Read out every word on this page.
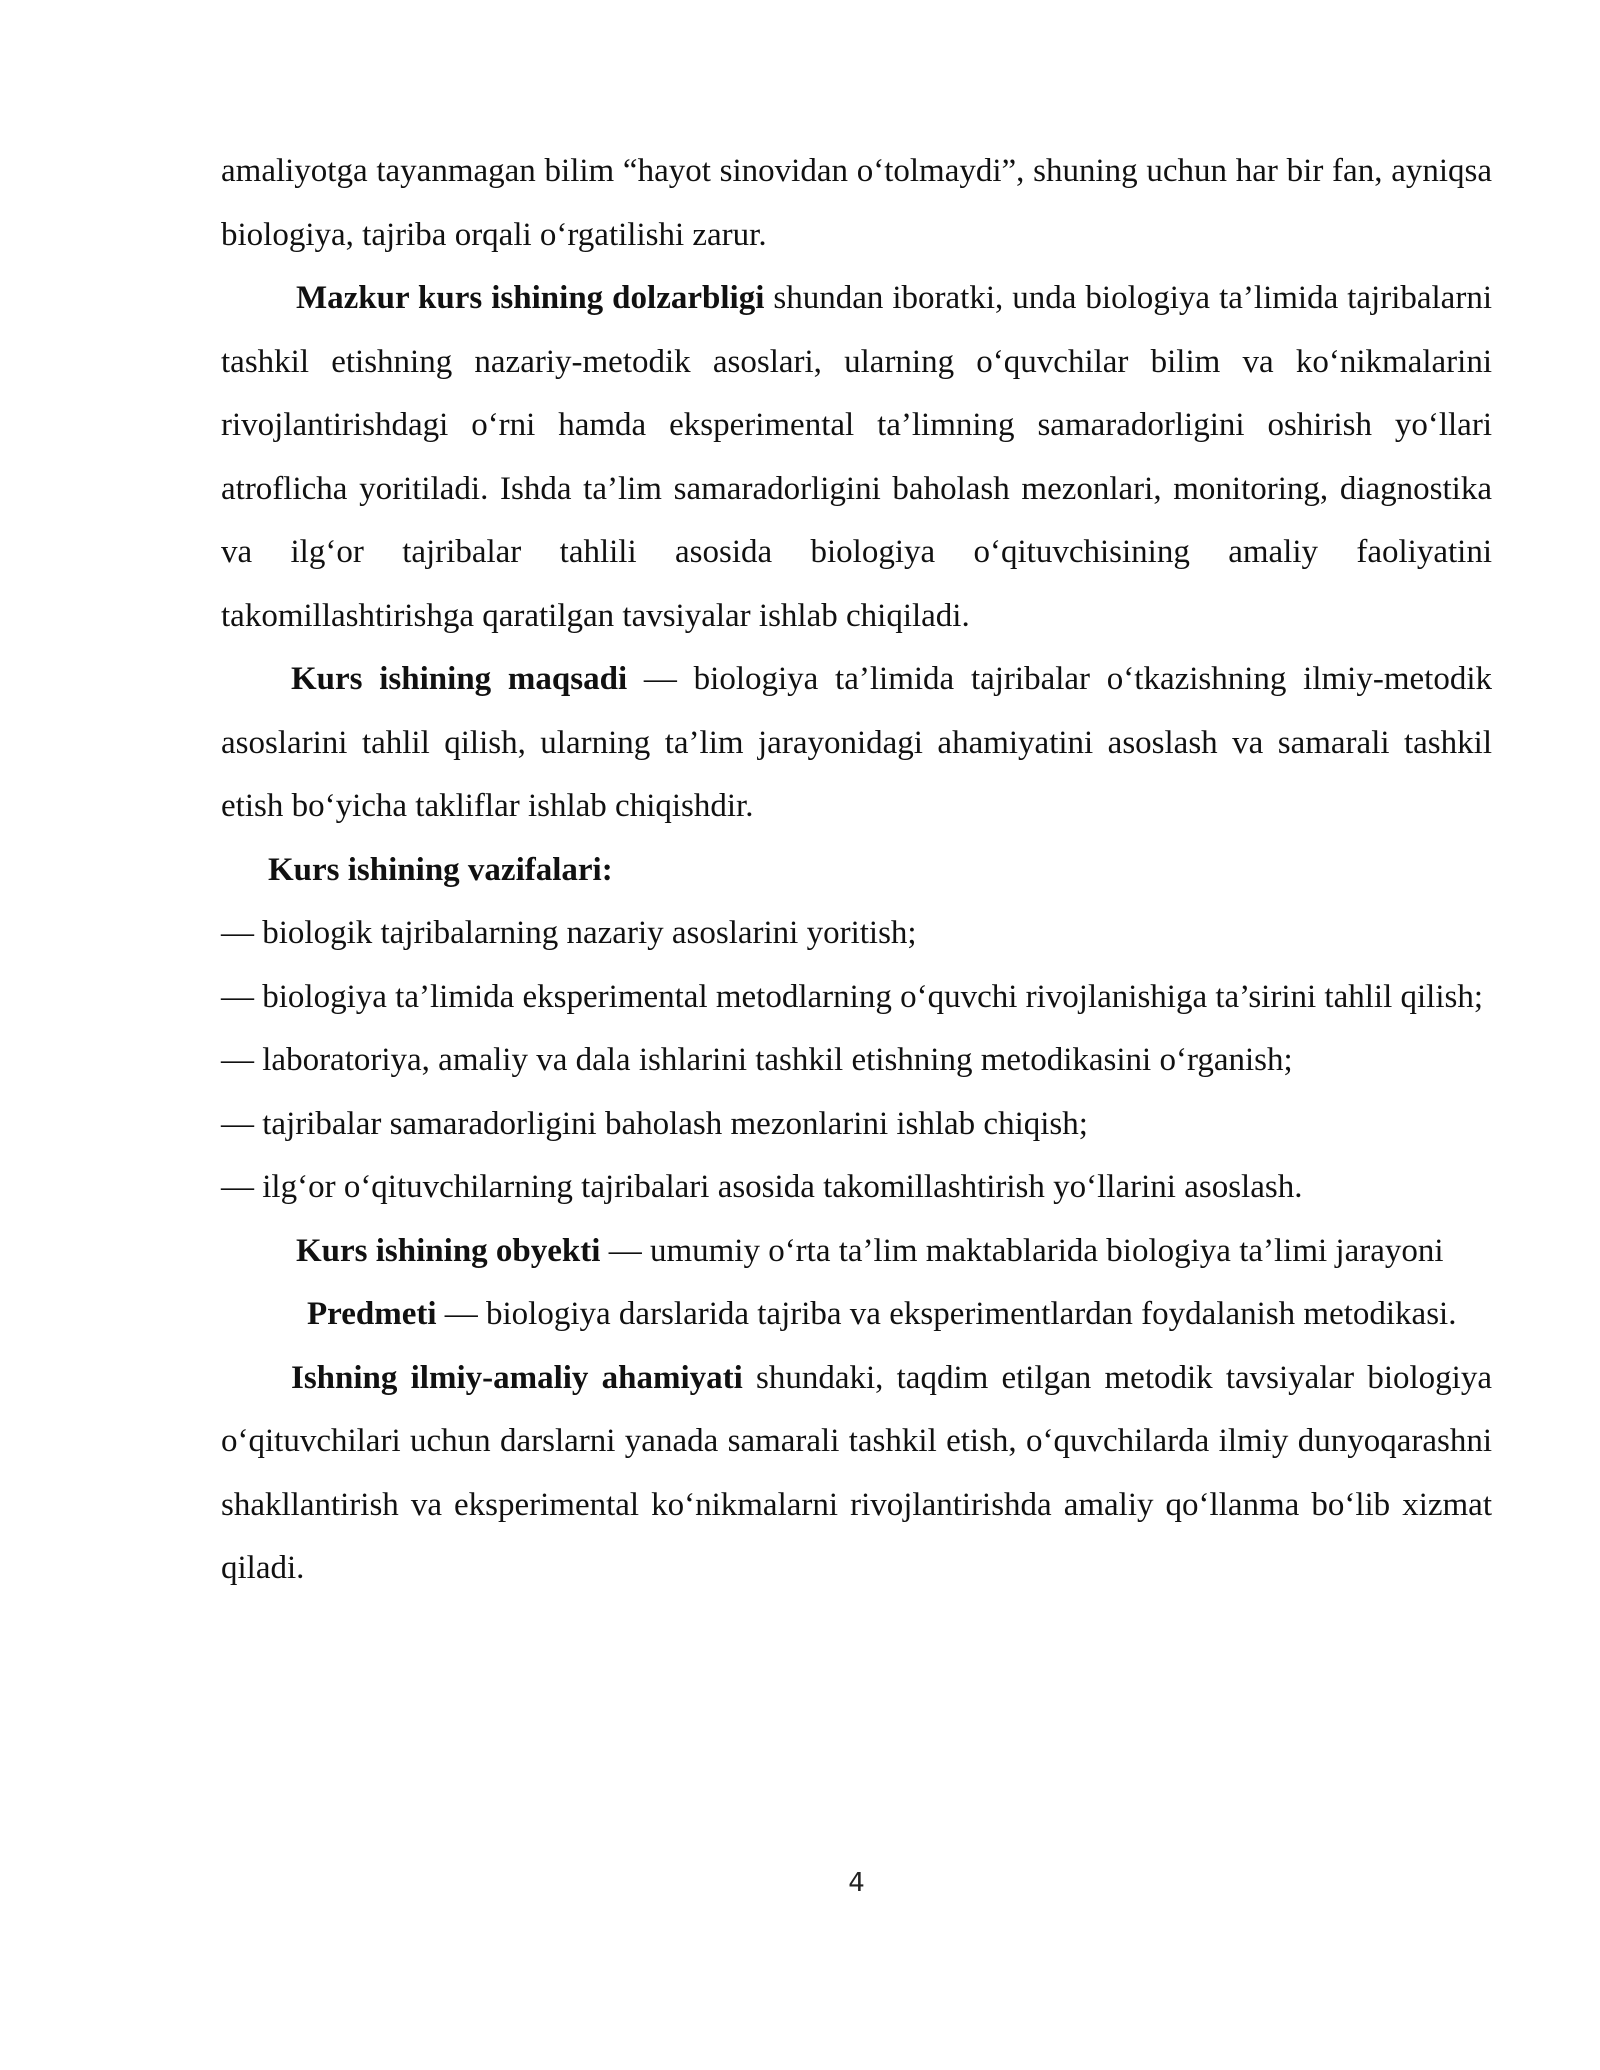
amaliyotga tayanmagan bilim “hayot sinovidan o‘tolmaydi”, shuning uchun har bir fan, ayniqsa biologiya, tajriba orqali o‘rgatilishi zarur.

Mazkur kurs ishining dolzarbligi shundan iboratki, unda biologiya ta’limida tajribalarni tashkil etishning nazariy-metodik asoslari, ularning o‘quvchilar bilim va ko‘nikmalarini rivojlantirishdagi o‘rni hamda eksperimental ta’limning samaradorligini oshirish yo‘llari atroflicha yoritiladi. Ishda ta’lim samaradorligini baholash mezonlari, monitoring, diagnostika va ilg‘or tajribalar tahlili asosida biologiya o‘qituvchisining amaliy faoliyatini takomillashtirishga qaratilgan tavsiyalar ishlab chiqiladi.

Kurs ishining maqsadi — biologiya ta’limida tajribalar o‘tkazishning ilmiy-metodik asoslarini tahlil qilish, ularning ta’lim jarayonidagi ahamiyatini asoslash va samarali tashkil etish bo‘yicha takliflar ishlab chiqishdir.

Kurs ishining vazifalari:

— biologik tajribalarning nazariy asoslarini yoritish;

— biologiya ta’limida eksperimental metodlarning o‘quvchi rivojlanishiga ta’sirini tahlil qilish;

— laboratoriya, amaliy va dala ishlarini tashkil etishning metodikasini o‘rganish;

— tajribalar samaradorligini baholash mezonlarini ishlab chiqish;

— ilg‘or o‘qituvchilarning tajribalari asosida takomillashtirish yo‘llarini asoslash.

Kurs ishining obyekti — umumiy o‘rta ta’lim maktablarida biologiya ta’limi jarayoni

Predmeti — biologiya darslarida tajriba va eksperimentlardan foydalanish metodikasi.

Ishning ilmiy-amaliy ahamiyati shundaki, taqdim etilgan metodik tavsiyalar biologiya o‘qituvchilari uchun darslarni yanada samarali tashkil etish, o‘quvchilarda ilmiy dunyoqarashni shakllantirish va eksperimental ko‘nikmalarni rivojlantirishda amaliy qo‘llanma bo‘lib xizmat qiladi.

4
